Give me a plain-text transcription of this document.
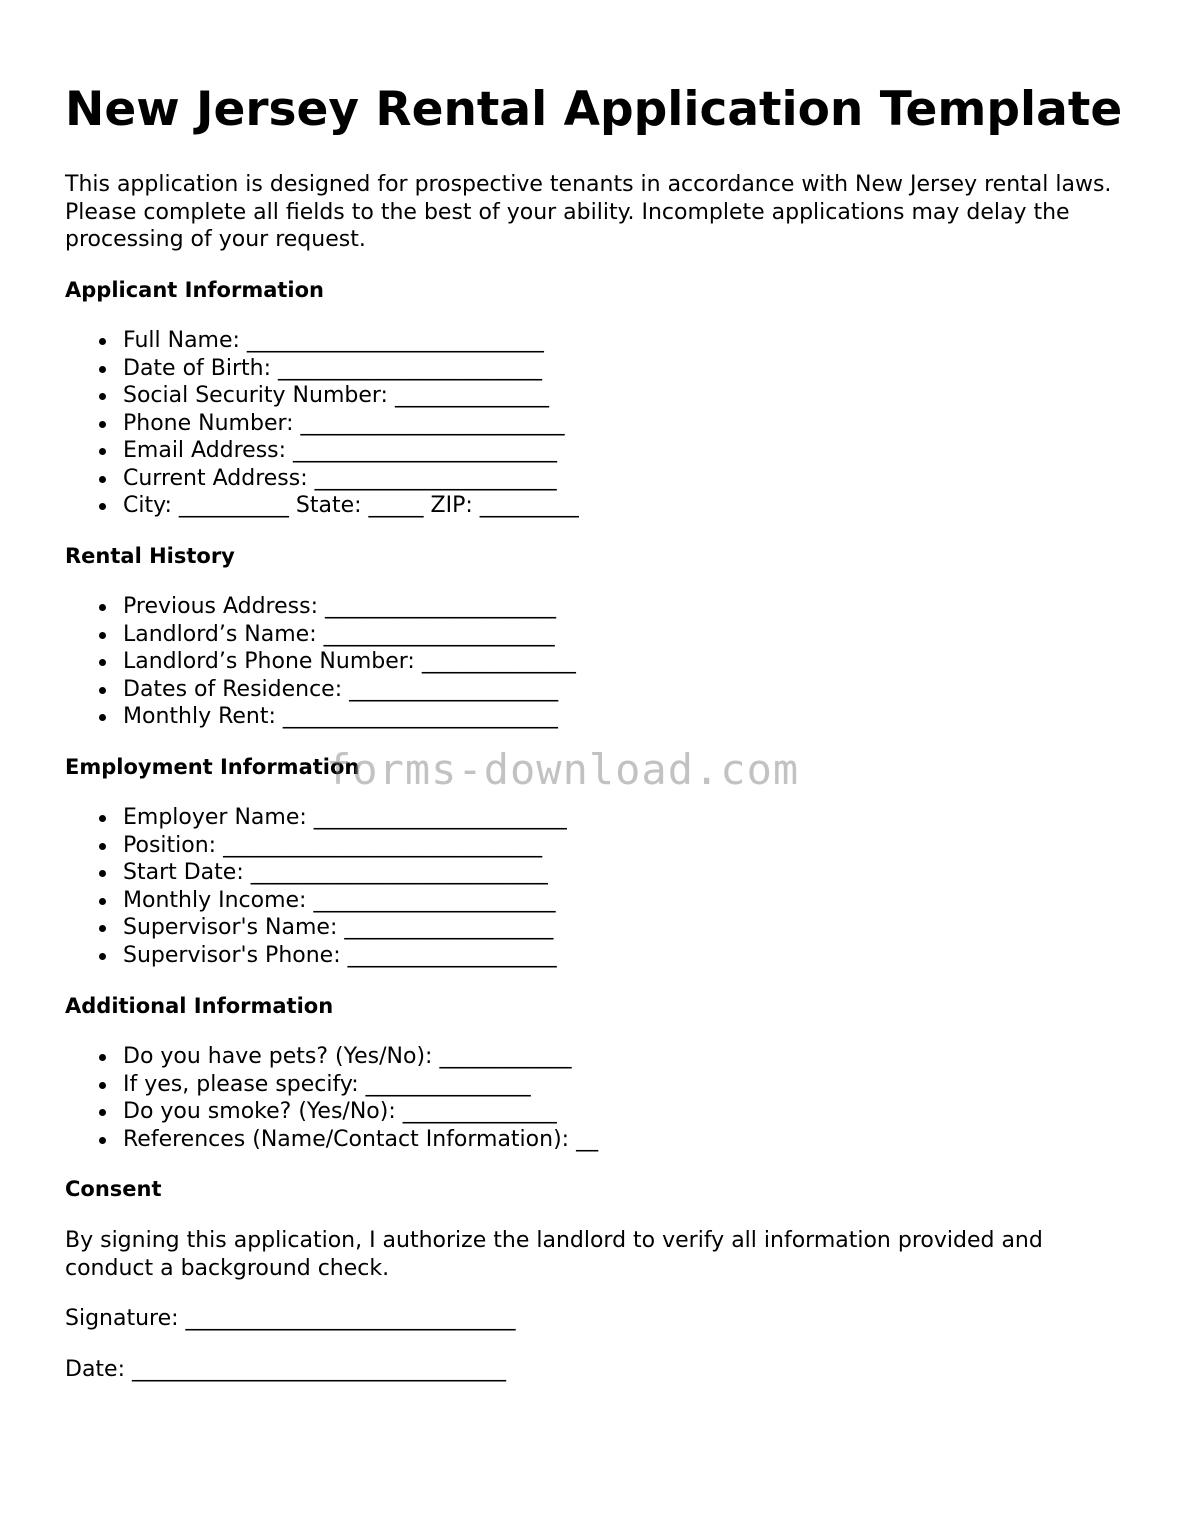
New Jersey Rental Application Template

This application is designed for prospective tenants in accordance with New Jersey rental laws. Please complete all fields to the best of your ability. Incomplete applications may delay the processing of your request.

Applicant Information
Full Name: ___________________________
Date of Birth: ________________________
Social Security Number: ______________
Phone Number: ________________________
Email Address: ________________________
Current Address: ______________________
City: __________ State: _____ ZIP: _________
Rental History
Previous Address: _____________________
Landlord’s Name: _____________________
Landlord’s Phone Number: ______________
Dates of Residence: ___________________
Monthly Rent: _________________________
Employment Information
Employer Name: _______________________
Position: _____________________________
Start Date: ___________________________
Monthly Income: ______________________
Supervisor's Name: ___________________
Supervisor's Phone: ___________________
Additional Information
Do you have pets? (Yes/No): ____________
If yes, please specify: _______________
Do you smoke? (Yes/No): ______________
References (Name/Contact Information): __
Consent

By signing this application, I authorize the landlord to verify all information provided and conduct a background check.

Signature: ______________________________

Date: __________________________________

forms-download.com
